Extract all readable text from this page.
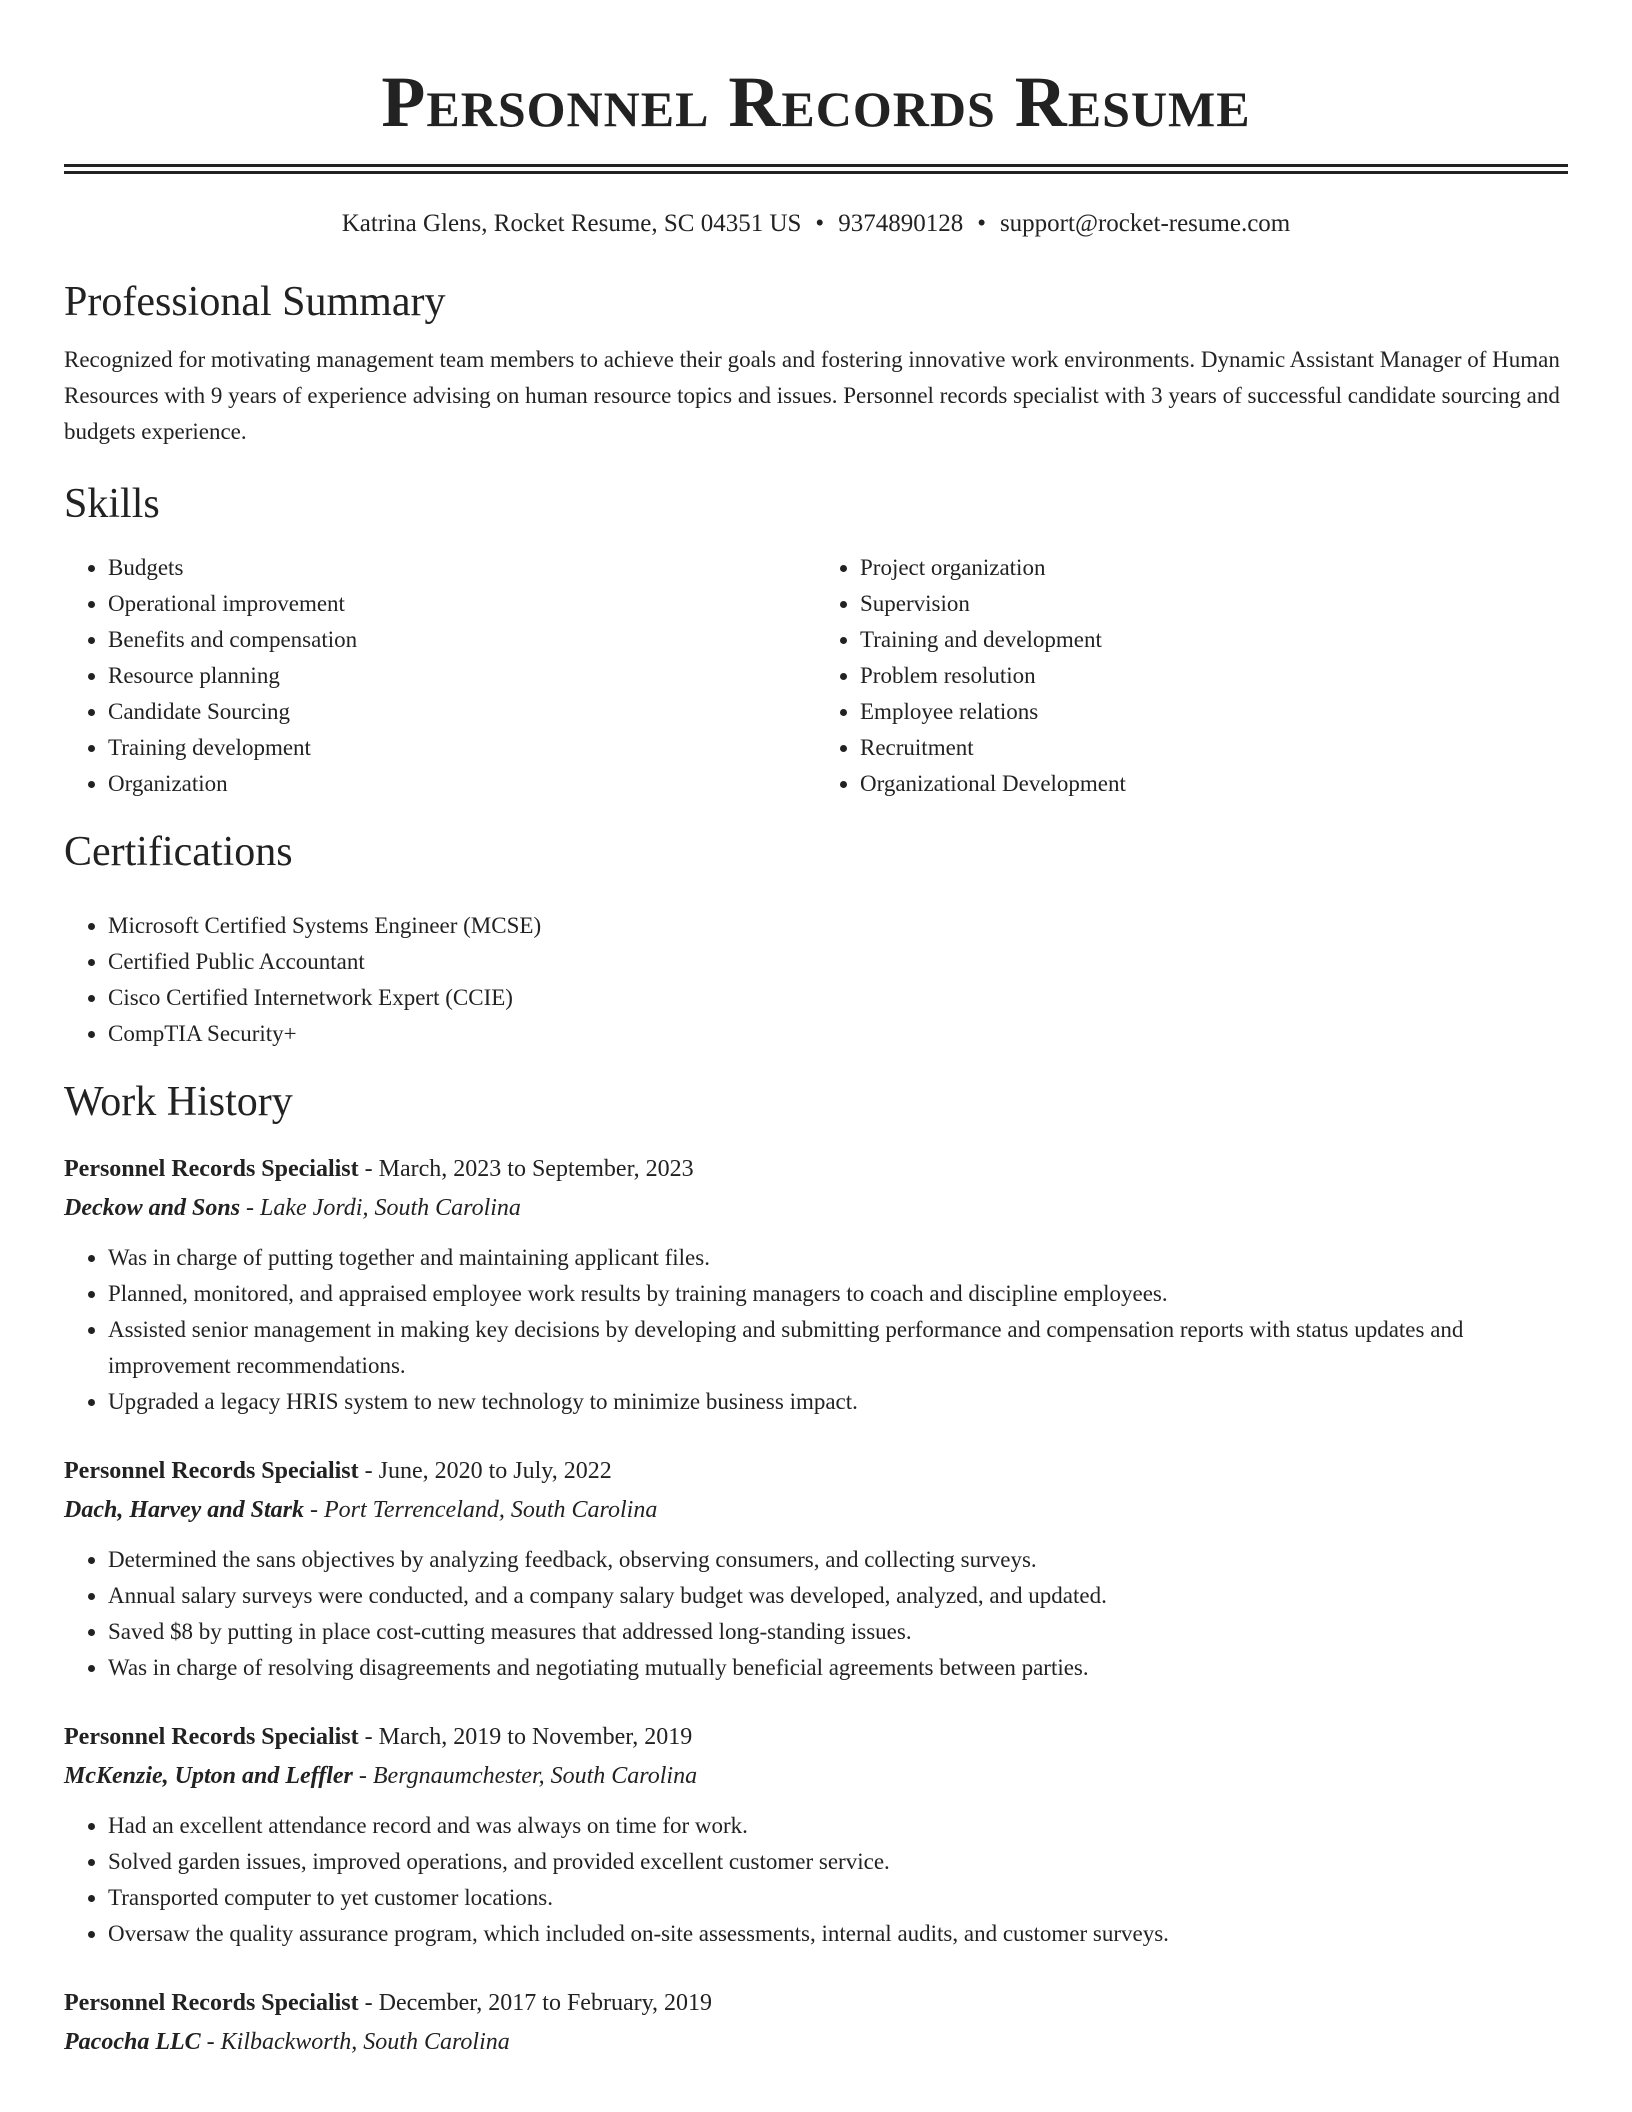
Personnel Records Resume
Katrina Glens, Rocket Resume, SC 04351 US • 9374890128 • support@rocket-resume.com
Professional Summary
Recognized for motivating management team members to achieve their goals and fostering innovative work environments. Dynamic Assistant Manager of Human Resources with 9 years of experience advising on human resource topics and issues. Personnel records specialist with 3 years of successful candidate sourcing and budgets experience.
Skills
• Budgets
• Operational improvement
• Benefits and compensation
• Resource planning
• Candidate Sourcing
• Training development
• Organization
• Project organization
• Supervision
• Training and development
• Problem resolution
• Employee relations
• Recruitment
• Organizational Development
Certifications
• Microsoft Certified Systems Engineer (MCSE)
• Certified Public Accountant
• Cisco Certified Internetwork Expert (CCIE)
• CompTIA Security+
Work History
Personnel Records Specialist - March, 2023 to September, 2023
Deckow and Sons - Lake Jordi, South Carolina
• Was in charge of putting together and maintaining applicant files.
• Planned, monitored, and appraised employee work results by training managers to coach and discipline employees.
• Assisted senior management in making key decisions by developing and submitting performance and compensation reports with status updates and improvement recommendations.
• Upgraded a legacy HRIS system to new technology to minimize business impact.
Personnel Records Specialist - June, 2020 to July, 2022
Dach, Harvey and Stark - Port Terrenceland, South Carolina
• Determined the sans objectives by analyzing feedback, observing consumers, and collecting surveys.
• Annual salary surveys were conducted, and a company salary budget was developed, analyzed, and updated.
• Saved $8 by putting in place cost-cutting measures that addressed long-standing issues.
• Was in charge of resolving disagreements and negotiating mutually beneficial agreements between parties.
Personnel Records Specialist - March, 2019 to November, 2019
McKenzie, Upton and Leffler - Bergnaumchester, South Carolina
• Had an excellent attendance record and was always on time for work.
• Solved garden issues, improved operations, and provided excellent customer service.
• Transported computer to yet customer locations.
• Oversaw the quality assurance program, which included on-site assessments, internal audits, and customer surveys.
Personnel Records Specialist - December, 2017 to February, 2019
Pacocha LLC - Kilbackworth, South Carolina
